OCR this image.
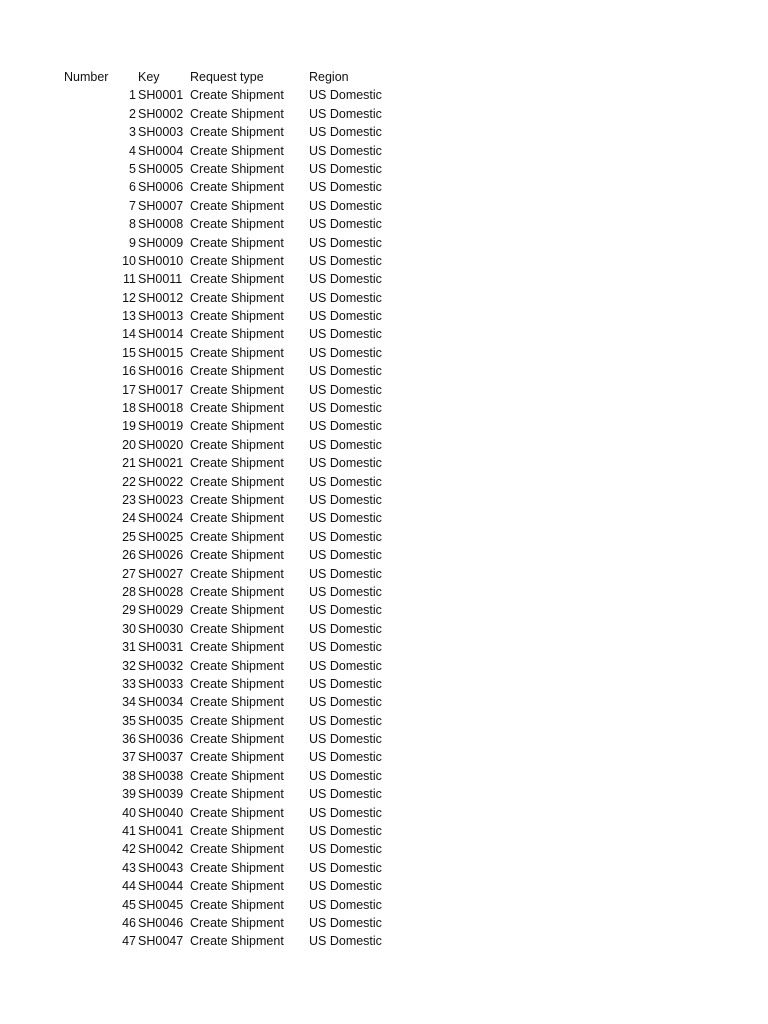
Number Key	Request type	Region
1 SH0001 Create Shipment US Domestic
2 SH0002 Create Shipment US Domestic
3 SH0003 Create Shipment US Domestic
4 SH0004 Create Shipment US Domestic
5 SH0005 Create Shipment US Domestic
6 SH0006 Create Shipment US Domestic
7 SH0007 Create Shipment US Domestic
8 SH0008 Create Shipment US Domestic
9 SH0009 Create Shipment US Domestic
10 SH0010 Create Shipment US Domestic
11 SH0011 Create Shipment US Domestic
12 SH0012 Create Shipment US Domestic
13 SH0013 Create Shipment US Domestic
14 SH0014 Create Shipment US Domestic
15 SH0015 Create Shipment US Domestic
16 SH0016 Create Shipment US Domestic
17 SH0017 Create Shipment US Domestic
18 SH0018 Create Shipment US Domestic
19 SH0019 Create Shipment US Domestic
20 SH0020 Create Shipment US Domestic
21 SH0021 Create Shipment US Domestic
22 SH0022 Create Shipment US Domestic
23 SH0023 Create Shipment US Domestic
24 SH0024 Create Shipment US Domestic
25 SH0025 Create Shipment US Domestic
26 SH0026 Create Shipment US Domestic
27 SH0027 Create Shipment US Domestic
28 SH0028 Create Shipment US Domestic
29 SH0029 Create Shipment US Domestic
30 SH0030 Create Shipment US Domestic
31 SH0031 Create Shipment US Domestic
32 SH0032 Create Shipment US Domestic
33 SH0033 Create Shipment US Domestic
34 SH0034 Create Shipment US Domestic
35 SH0035 Create Shipment US Domestic
36 SH0036 Create Shipment US Domestic
37 SH0037 Create Shipment US Domestic
38 SH0038 Create Shipment US Domestic
39 SH0039 Create Shipment US Domestic
40 SH0040 Create Shipment US Domestic
41 SH0041 Create Shipment US Domestic
42 SH0042 Create Shipment US Domestic
43 SH0043 Create Shipment US Domestic
44 SH0044 Create Shipment US Domestic
45 SH0045 Create Shipment US Domestic
46 SH0046 Create Shipment US Domestic
47 SH0047 Create Shipment US Domestic
